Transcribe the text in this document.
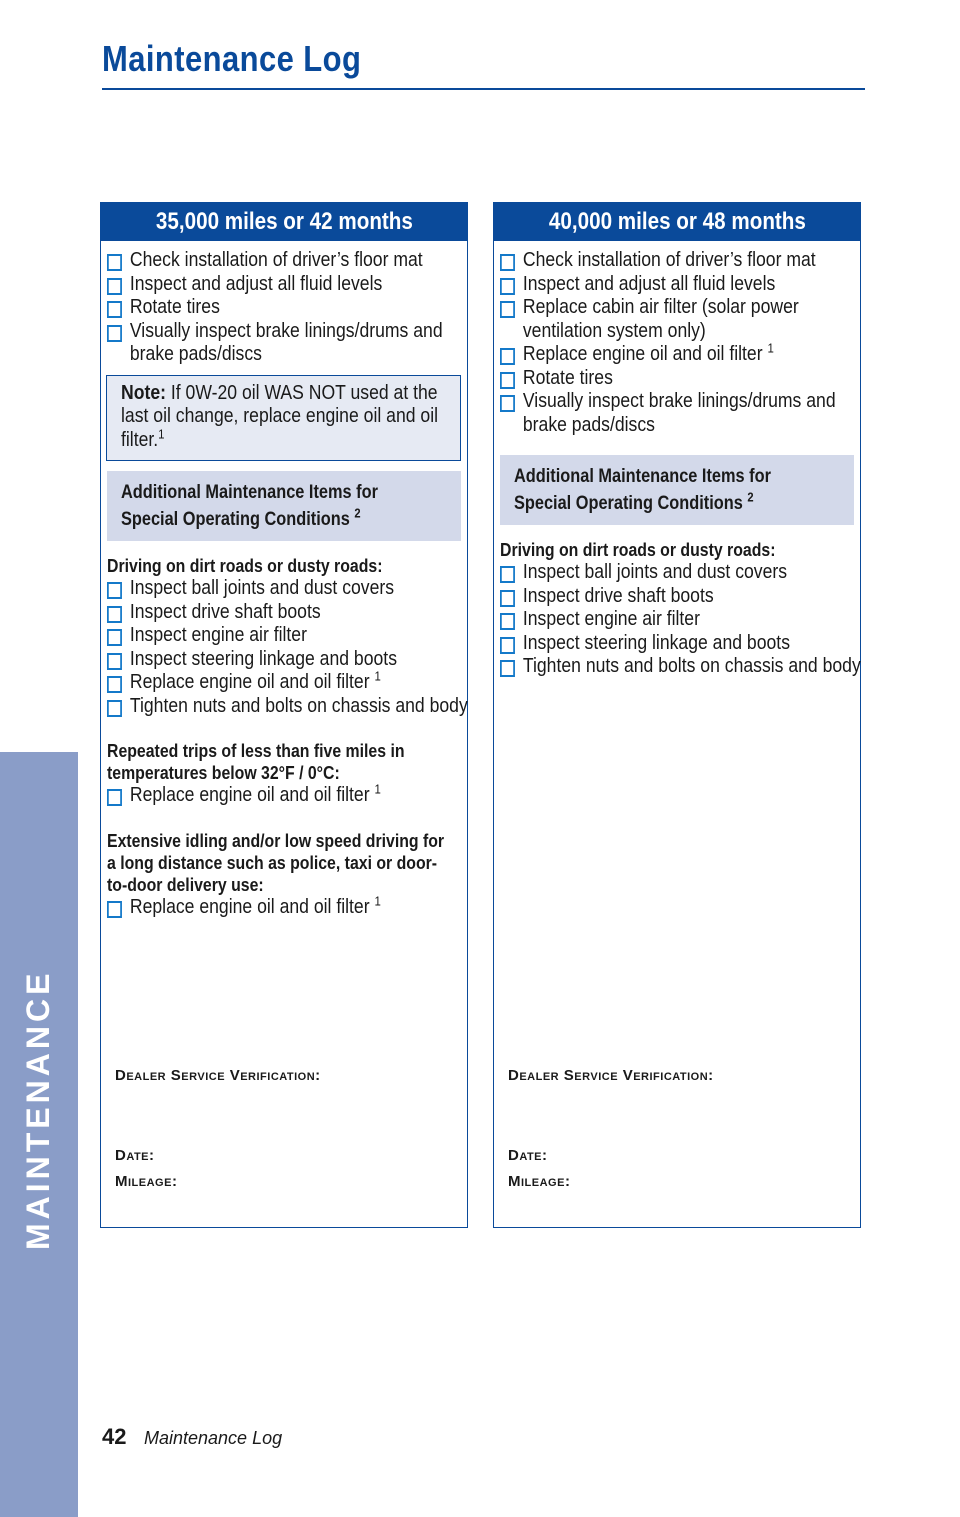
Maintenance Log
MAINTENANCE
35,000 miles or 42 months
Check installation of driver’s floor mat
Inspect and adjust all fluid levels
Rotate tires
Visually inspect brake linings/drums and brake pads/discs
Note: If 0W-20 oil WAS NOT used at the last oil change, replace engine oil and oil filter.$^1$
Additional Maintenance Items for
Special Operating Conditions $^2$
Driving on dirt roads or dusty roads:
Inspect ball joints and dust covers
Inspect drive shaft boots
Inspect engine air filter
Inspect steering linkage and boots
Replace engine oil and oil filter $^1$
Tighten nuts and bolts on chassis and body
Repeated trips of less than five miles in temperatures below 32°F / 0°C:
Replace engine oil and oil filter $^1$
Extensive idling and/or low speed driving for a long distance such as police, taxi or door-to-door delivery use:
Replace engine oil and oil filter $^1$
Dealer Service Verification:
Date:
Mileage:
40,000 miles or 48 months
Check installation of driver’s floor mat
Inspect and adjust all fluid levels
Replace cabin air filter (solar power ventilation system only)
Replace engine oil and oil filter $^1$
Rotate tires
Visually inspect brake linings/drums and brake pads/discs
Additional Maintenance Items for
Special Operating Conditions $^2$
Driving on dirt roads or dusty roads:
Inspect ball joints and dust covers
Inspect drive shaft boots
Inspect engine air filter
Inspect steering linkage and boots
Tighten nuts and bolts on chassis and body
Dealer Service Verification:
Date:
Mileage:
42 Maintenance Log
